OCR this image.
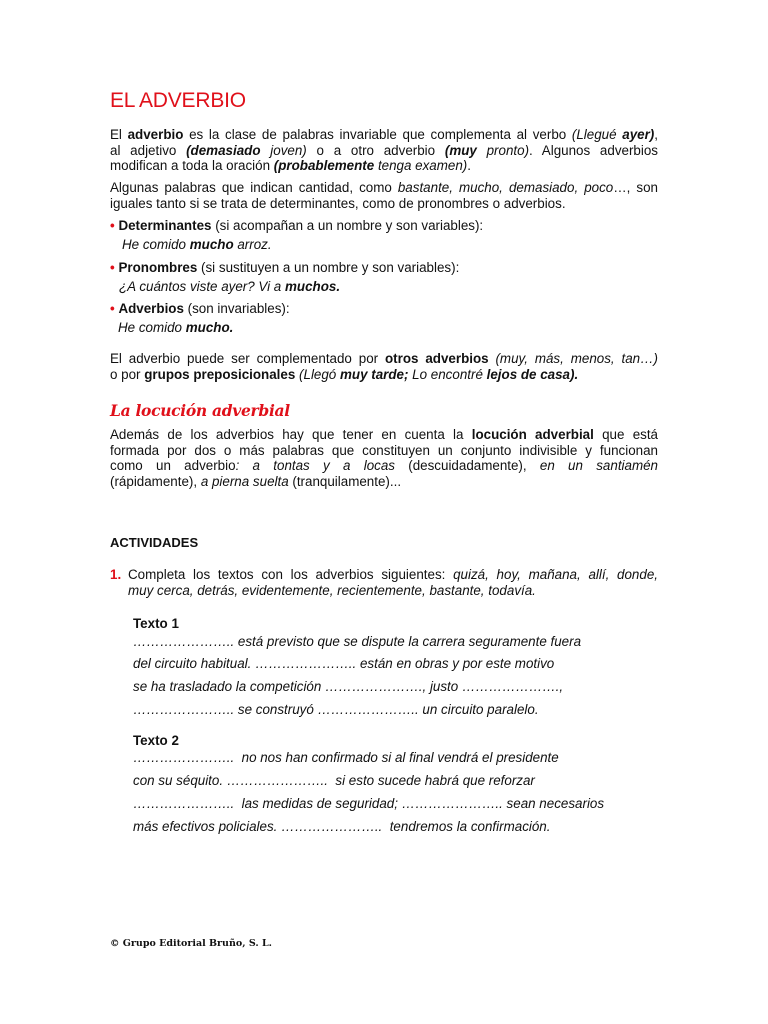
EL ADVERBIO
El adverbio es la clase de palabras invariable que complementa al verbo (Llegué ayer),
al adjetivo (demasiado joven) o a otro adverbio (muy pronto). Algunos adverbios
modifican a toda la oración (probablemente tenga examen).
Algunas palabras que indican cantidad, como bastante, mucho, demasiado, poco…, son
iguales tanto si se trata de determinantes, como de pronombres o adverbios.
• Determinantes (si acompañan a un nombre y son variables):
He comido mucho arroz.
• Pronombres (si sustituyen a un nombre y son variables):
¿A cuántos viste ayer? Vi a muchos.
• Adverbios (son invariables):
He comido mucho.
El adverbio puede ser complementado por otros adverbios (muy, más, menos, tan…)
o por grupos preposicionales (Llegó muy tarde; Lo encontré lejos de casa).
La locución adverbial
Además de los adverbios hay que tener en cuenta la locución adverbial que está
formada por dos o más palabras que constituyen un conjunto indivisible y funcionan
como un adverbio: a tontas y a locas (descuidadamente), en un santiamén
(rápidamente), a pierna suelta (tranquilamente)...
ACTIVIDADES
1. Completa los textos con los adverbios siguientes: quizá, hoy, mañana, allí, donde,
muy cerca, detrás, evidentemente, recientemente, bastante, todavía.
Texto 1
………………….. está previsto que se dispute la carrera seguramente fuera
del circuito habitual. ………………….. están en obras y por este motivo
se ha trasladado la competición …………………., justo ………………….,
………………….. se construyó ………………….. un circuito paralelo.
Texto 2
…………………..  no nos han confirmado si al final vendrá el presidente
con su séquito. …………………..  si esto sucede habrá que reforzar
…………………..  las medidas de seguridad; ………………….. sean necesarios
más efectivos policiales. …………………..  tendremos la confirmación.
© Grupo Editorial Bruño, S. L.
